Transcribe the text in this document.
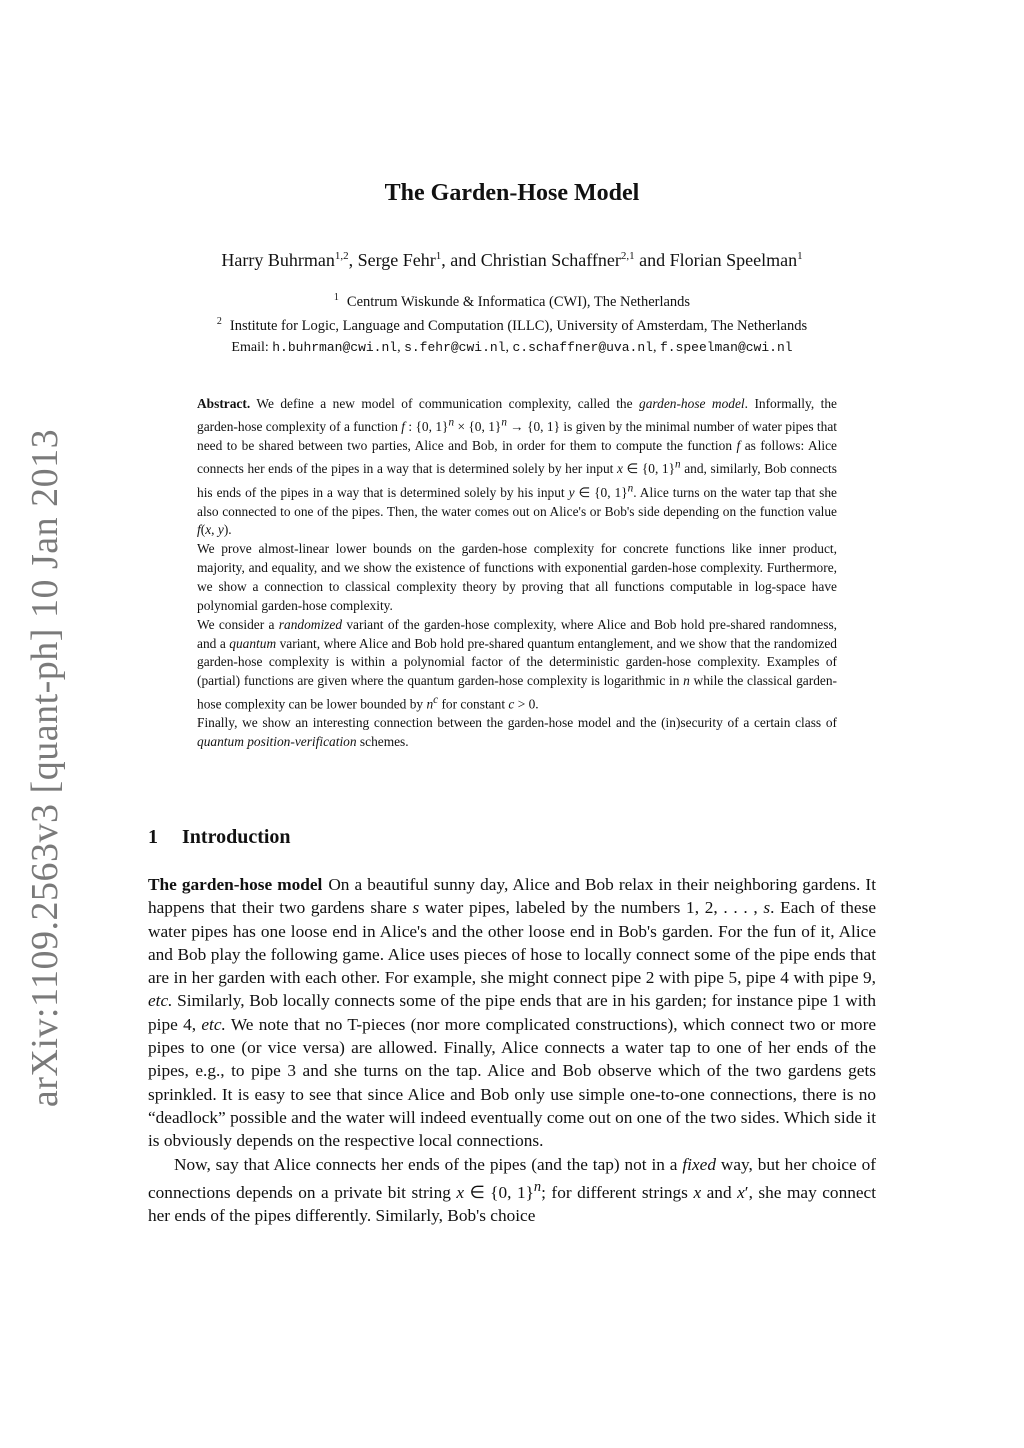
arXiv:1109.2563v3 [quant-ph] 10 Jan 2013
The Garden-Hose Model
Harry Buhrman$^{1,2}$, Serge Fehr$^1$, and Christian Schaffner$^{2,1}$ and Florian Speelman$^1$
$^1$ Centrum Wiskunde & Informatica (CWI), The Netherlands
$^2$ Institute for Logic, Language and Computation (ILLC), University of Amsterdam, The Netherlands
Email: h.buhrman@cwi.nl, s.fehr@cwi.nl, c.schaffner@uva.nl, f.speelman@cwi.nl

Abstract. We define a new model of communication complexity, called the garden-hose model. Informally, the garden-hose complexity of a function f : {0, 1}$^n$ × {0, 1}$^n$ → {0, 1} is given by the minimal number of water pipes that need to be shared between two parties, Alice and Bob, in order for them to compute the function f as follows: Alice connects her ends of the pipes in a way that is determined solely by her input x ∈ {0, 1}$^n$ and, similarly, Bob connects his ends of the pipes in a way that is determined solely by his input y ∈ {0, 1}$^n$. Alice turns on the water tap that she also connected to one of the pipes. Then, the water comes out on Alice's or Bob's side depending on the function value f(x, y).

We prove almost-linear lower bounds on the garden-hose complexity for concrete functions like inner product, majority, and equality, and we show the existence of functions with exponential garden-hose complexity. Furthermore, we show a connection to classical complexity theory by proving that all functions computable in log-space have polynomial garden-hose complexity.

We consider a randomized variant of the garden-hose complexity, where Alice and Bob hold pre-shared randomness, and a quantum variant, where Alice and Bob hold pre-shared quantum entanglement, and we show that the randomized garden-hose complexity is within a polynomial factor of the deterministic garden-hose complexity. Examples of (partial) functions are given where the quantum garden-hose complexity is logarithmic in n while the classical garden-hose complexity can be lower bounded by $n^c$ for constant c > 0.

Finally, we show an interesting connection between the garden-hose model and the (in)security of a certain class of quantum position-verification schemes.

1 Introduction

The garden-hose model On a beautiful sunny day, Alice and Bob relax in their neighboring gardens. It happens that their two gardens share s water pipes, labeled by the numbers 1, 2, . . . , s. Each of these water pipes has one loose end in Alice's and the other loose end in Bob's garden. For the fun of it, Alice and Bob play the following game. Alice uses pieces of hose to locally connect some of the pipe ends that are in her garden with each other. For example, she might connect pipe 2 with pipe 5, pipe 4 with pipe 9, etc. Similarly, Bob locally connects some of the pipe ends that are in his garden; for instance pipe 1 with pipe 4, etc. We note that no T-pieces (nor more complicated constructions), which connect two or more pipes to one (or vice versa) are allowed. Finally, Alice connects a water tap to one of her ends of the pipes, e.g., to pipe 3 and she turns on the tap. Alice and Bob observe which of the two gardens gets sprinkled. It is easy to see that since Alice and Bob only use simple one-to-one connections, there is no “deadlock” possible and the water will indeed eventually come out on one of the two sides. Which side it is obviously depends on the respective local connections.

Now, say that Alice connects her ends of the pipes (and the tap) not in a fixed way, but her choice of connections depends on a private bit string x ∈ {0, 1}$^n$; for different strings x and x′, she may connect her ends of the pipes differently. Similarly, Bob's choice
